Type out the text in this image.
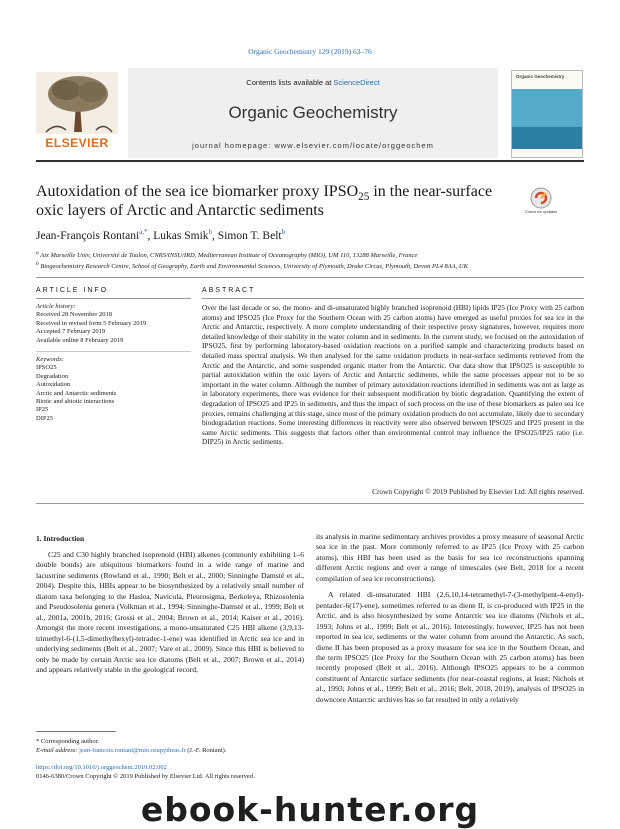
Organic Geochemistry 129 (2019) 63–76
ELSEVIER
Contents lists available at ScienceDirect
Organic Geochemistry
journal homepage: www.elsevier.com/locate/orggeochem
Organic Geochemistry
Autoxidation of the sea ice biomarker proxy $IPSO_{25}$ in the near-surface oxic layers of Arctic and Antarctic sediments	Check for updates
Jean-François Rontani$^{a,*}$, Lukas Smik$^b$, Simon T. Belt$^b$
$^a$ Aix Marseille Univ, Université de Toulon, CNRS/INSU/IRD, Mediterranean Institute of Oceanography (MIO), UM 110, 13288 Marseille, France
$^b$ Biogeochemistry Research Centre, School of Geography, Earth and Environmental Sciences, University of Plymouth, Drake Circus, Plymouth, Devon PL4 8AA, UK
ARTICLE INFO	ABSTRACT
Article history:
Received 28 November 2018
Received in revised form 5 February 2019
Accepted 7 February 2019
Available online 8 February 2019
Keywords:
IPSO25
Degradation
Autoxidation
Arctic and Antarctic sediments
Biotic and abiotic interactions
IP25
DIP25
Over the last decade or so, the mono- and di-unsaturated highly branched isoprenoid (HBI) lipids IP25 (Ice Proxy with 25 carbon atoms) and IPSO25 (Ice Proxy for the Southern Ocean with 25 carbon atoms) have emerged as useful proxies for sea ice in the Arctic and Antarctic, respectively. A more complete understanding of their respective proxy signatures, however, requires more detailed knowledge of their stability in the water column and in sediments. In the current study, we focused on the autoxidation of IPSO25, first by performing laboratory-based oxidation reactions on a purified sample and characterizing products based on detailed mass spectral analysis. We then analysed for the same oxidation products in near-surface sediments retrieved from the Arctic and the Antarctic, and some suspended organic matter from the Antarctic. Our data show that IPSO25 is susceptible to partial autoxidation within the oxic layers of Arctic and Antarctic sediments, while the same processes appear not to be so important in the water column. Although the number of primary autoxidation reactions identified in sediments was not as large as in laboratory experiments, there was evidence for their subsequent modification by biotic degradation. Quantifying the extent of degradation of IPSO25 and IP25 in sediments, and thus the impact of such process on the use of these biomarkers as paleo sea ice proxies, remains challenging at this stage, since most of the primary oxidation products do not accumulate, likely due to secondary biodegradation reactions. Some interesting differences in reactivity were also observed between IPSO25 and IP25 present in the same Arctic sediments. This suggests that factors other than environmental control may influence the IPSO25/IP25 ratio (i.e. DIP25) in Arctic sediments.
Crown Copyright © 2019 Published by Elsevier Ltd. All rights reserved.
1. Introduction

C25 and C30 highly branched isoprenoid (HBI) alkenes (commonly exhibiting 1–6 double bonds) are ubiquitous biomarkers found in a wide range of marine and lacustrine sediments (Rowland et al., 1990; Belt et al., 2000; Sinninghe Damsté et al., 2004). Despite this, HBIs appear to be biosynthesized by a relatively small number of diatom taxa belonging to the Haslea, Navicula, Pleurosigma, Berkeleya, Rhizosolenia and Pseudosolenia genera (Volkman et al., 1994; Sinninghe-Damsté et al., 1999; Belt et al., 2001a, 2001b, 2016; Grossi et al., 2004; Brown et al., 2014; Kaiser et al., 2016). Amongst the more recent investigations, a mono-unsaturated C25 HBI alkene (3,9,13-trimethyl-6-(1,5-dimethylhexyl)-tetradec-1-ene) was identified in Arctic sea ice and in underlying sediments (Belt et al., 2007; Vare et al., 2009). Since this HBI is believed to only be made by certain Arctic sea ice diatoms (Belt et al., 2007; Brown et al., 2014) and appears relatively stable in the geological record,

its analysis in marine sedimentary archives provides a proxy measure of seasonal Arctic sea ice in the past. More commonly referred to as IP25 (Ice Proxy with 25 carbon atoms), this HBI has been used as the basis for sea ice reconstructions spanning different Arctic regions and over a range of timescales (see Belt, 2018 for a recent compilation of sea ice reconstructions).

A related di-unsaturated HBI (2,6,10,14-tetramethyl-7-(3-methylpent-4-enyl)-pentadec-6(17)-ene), sometimes referred to as diene II, is co-produced with IP25 in the Arctic, and is also biosynthesized by some Antarctic sea ice diatoms (Nichols et al., 1993; Johns et al., 1999; Belt et al., 2016). Interestingly, however, IP25 has not been reported in sea ice, sediments or the water column from around the Antarctic. As such, diene II has been proposed as a proxy measure for sea ice in the Southern Ocean, and the term IPSO25 (Ice Proxy for the Southern Ocean with 25 carbon atoms) has been recently proposed (Belt et al., 2016). Although IPSO25 appears to be a common constituent of Antarctic surface sediments (for near-coastal regions, at least; Nichols et al., 1993; Johns et al., 1999; Belt et al., 2016; Belt, 2018, 2019), analysis of IPSO25 in downcore Antarctic archives has so far resulted in only a relatively

* Corresponding author.
E-mail address: jean-francois.rontani@mio.osupytheas.fr (J.-F. Rontani).
https://doi.org/10.1016/j.orggeochem.2019.02.002
0146-6380/Crown Copyright © 2019 Published by Elsevier Ltd. All rights reserved.
ebook-hunter.org
